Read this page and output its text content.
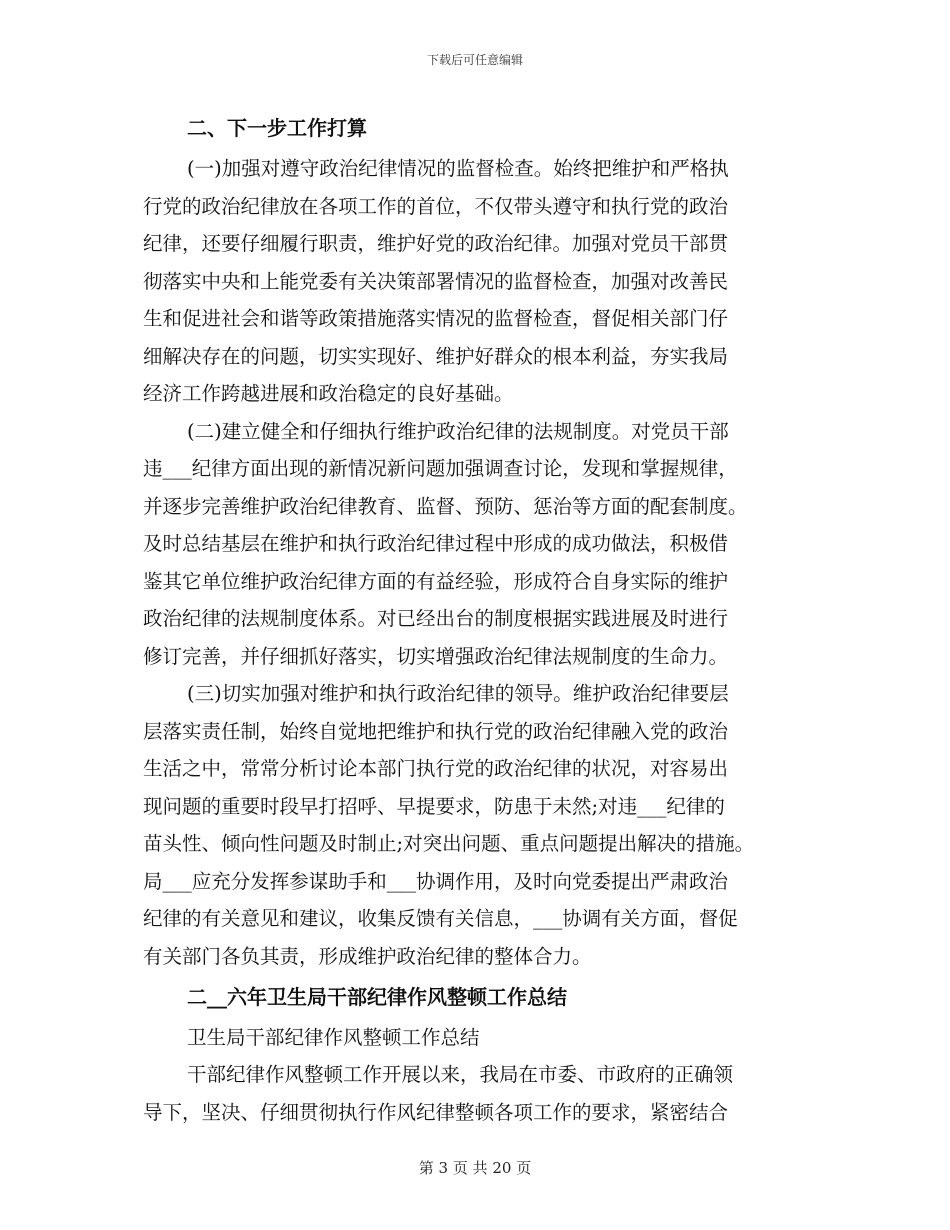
下载后可任意编辑
二、下一步工作打算
(一)加强对遵守政治纪律情况的监督检查。始终把维护和严格执
行党的政治纪律放在各项工作的首位，不仅带头遵守和执行党的政治
纪律，还要仔细履行职责，维护好党的政治纪律。加强对党员干部贯
彻落实中央和上能党委有关决策部署情况的监督检查，加强对改善民
生和促进社会和谐等政策措施落实情况的监督检查，督促相关部门仔
细解决存在的问题，切实实现好、维护好群众的根本利益，夯实我局
经济工作跨越进展和政治稳定的良好基础。
(二)建立健全和仔细执行维护政治纪律的法规制度。对党员干部
违___纪律方面出现的新情况新问题加强调查讨论，发现和掌握规律，
并逐步完善维护政治纪律教育、监督、预防、惩治等方面的配套制度。
及时总结基层在维护和执行政治纪律过程中形成的成功做法，积极借
鉴其它单位维护政治纪律方面的有益经验，形成符合自身实际的维护
政治纪律的法规制度体系。对已经出台的制度根据实践进展及时进行
修订完善，并仔细抓好落实，切实增强政治纪律法规制度的生命力。
(三)切实加强对维护和执行政治纪律的领导。维护政治纪律要层
层落实责任制，始终自觉地把维护和执行党的政治纪律融入党的政治
生活之中，常常分析讨论本部门执行党的政治纪律的状况，对容易出
现问题的重要时段早打招呼、早提要求，防患于未然;对违___纪律的
苗头性、倾向性问题及时制止;对突出问题、重点问题提出解决的措施。
局___应充分发挥参谋助手和___协调作用，及时向党委提出严肃政治
纪律的有关意见和建议，收集反馈有关信息，___协调有关方面，督促
有关部门各负其责，形成维护政治纪律的整体合力。
二__六年卫生局干部纪律作风整顿工作总结
卫生局干部纪律作风整顿工作总结
干部纪律作风整顿工作开展以来，我局在市委、市政府的正确领
导下，坚决、仔细贯彻执行作风纪律整顿各项工作的要求，紧密结合
第 3 页 共 20 页
